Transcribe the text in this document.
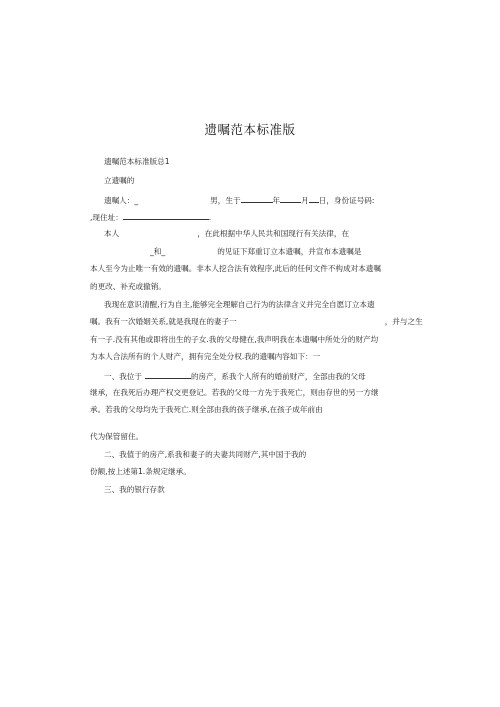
遗嘱范本标准版
遗嘱范本标准版总1
立遗嘱的
遗嘱人：_	男，生于	年	月 日，身份证号码:
,现住址：	.
本人	，在此根据中华人民共和国现行有关法律，在
_和_	的见证下郑重订立本遗嘱，并宣布本遗嘱是
本人至今为止唯一有效的遗嘱。非本人挖合法有效程序,此后的任何文件不构成对本遗嘱
的更改、补充或撤销。
我现在意识清醒,行为自主,能够完全理解自己行为的法律含义并完全自愿订立本遗
嘱。我有一次婚姻关系,就是我现在的妻子一	，并与之生
有一子.没有其他或即将出生的子女.我的父母健在,我声明我在本遗嘱中所处分的财产均
为本人合法所有的个人财产，拥有完全处分权.我的遗嘱内容如下：一
一、我位于	的房产，系我个人所有的婚前财产，全部由我的父母
继承，在我死后办理产权交更登记。若我的父母一方先于我死亡，则由存世的另一方继
承。若我的父母均先于我死亡.则全部由我的孩子继承,在孩子成年前由
代为保管留住。
二、我值于的房产,系我和妻子的夫妻共同财产,其中国于我的
份额,按上述第1.条规定继承。
三、我的银行存款
